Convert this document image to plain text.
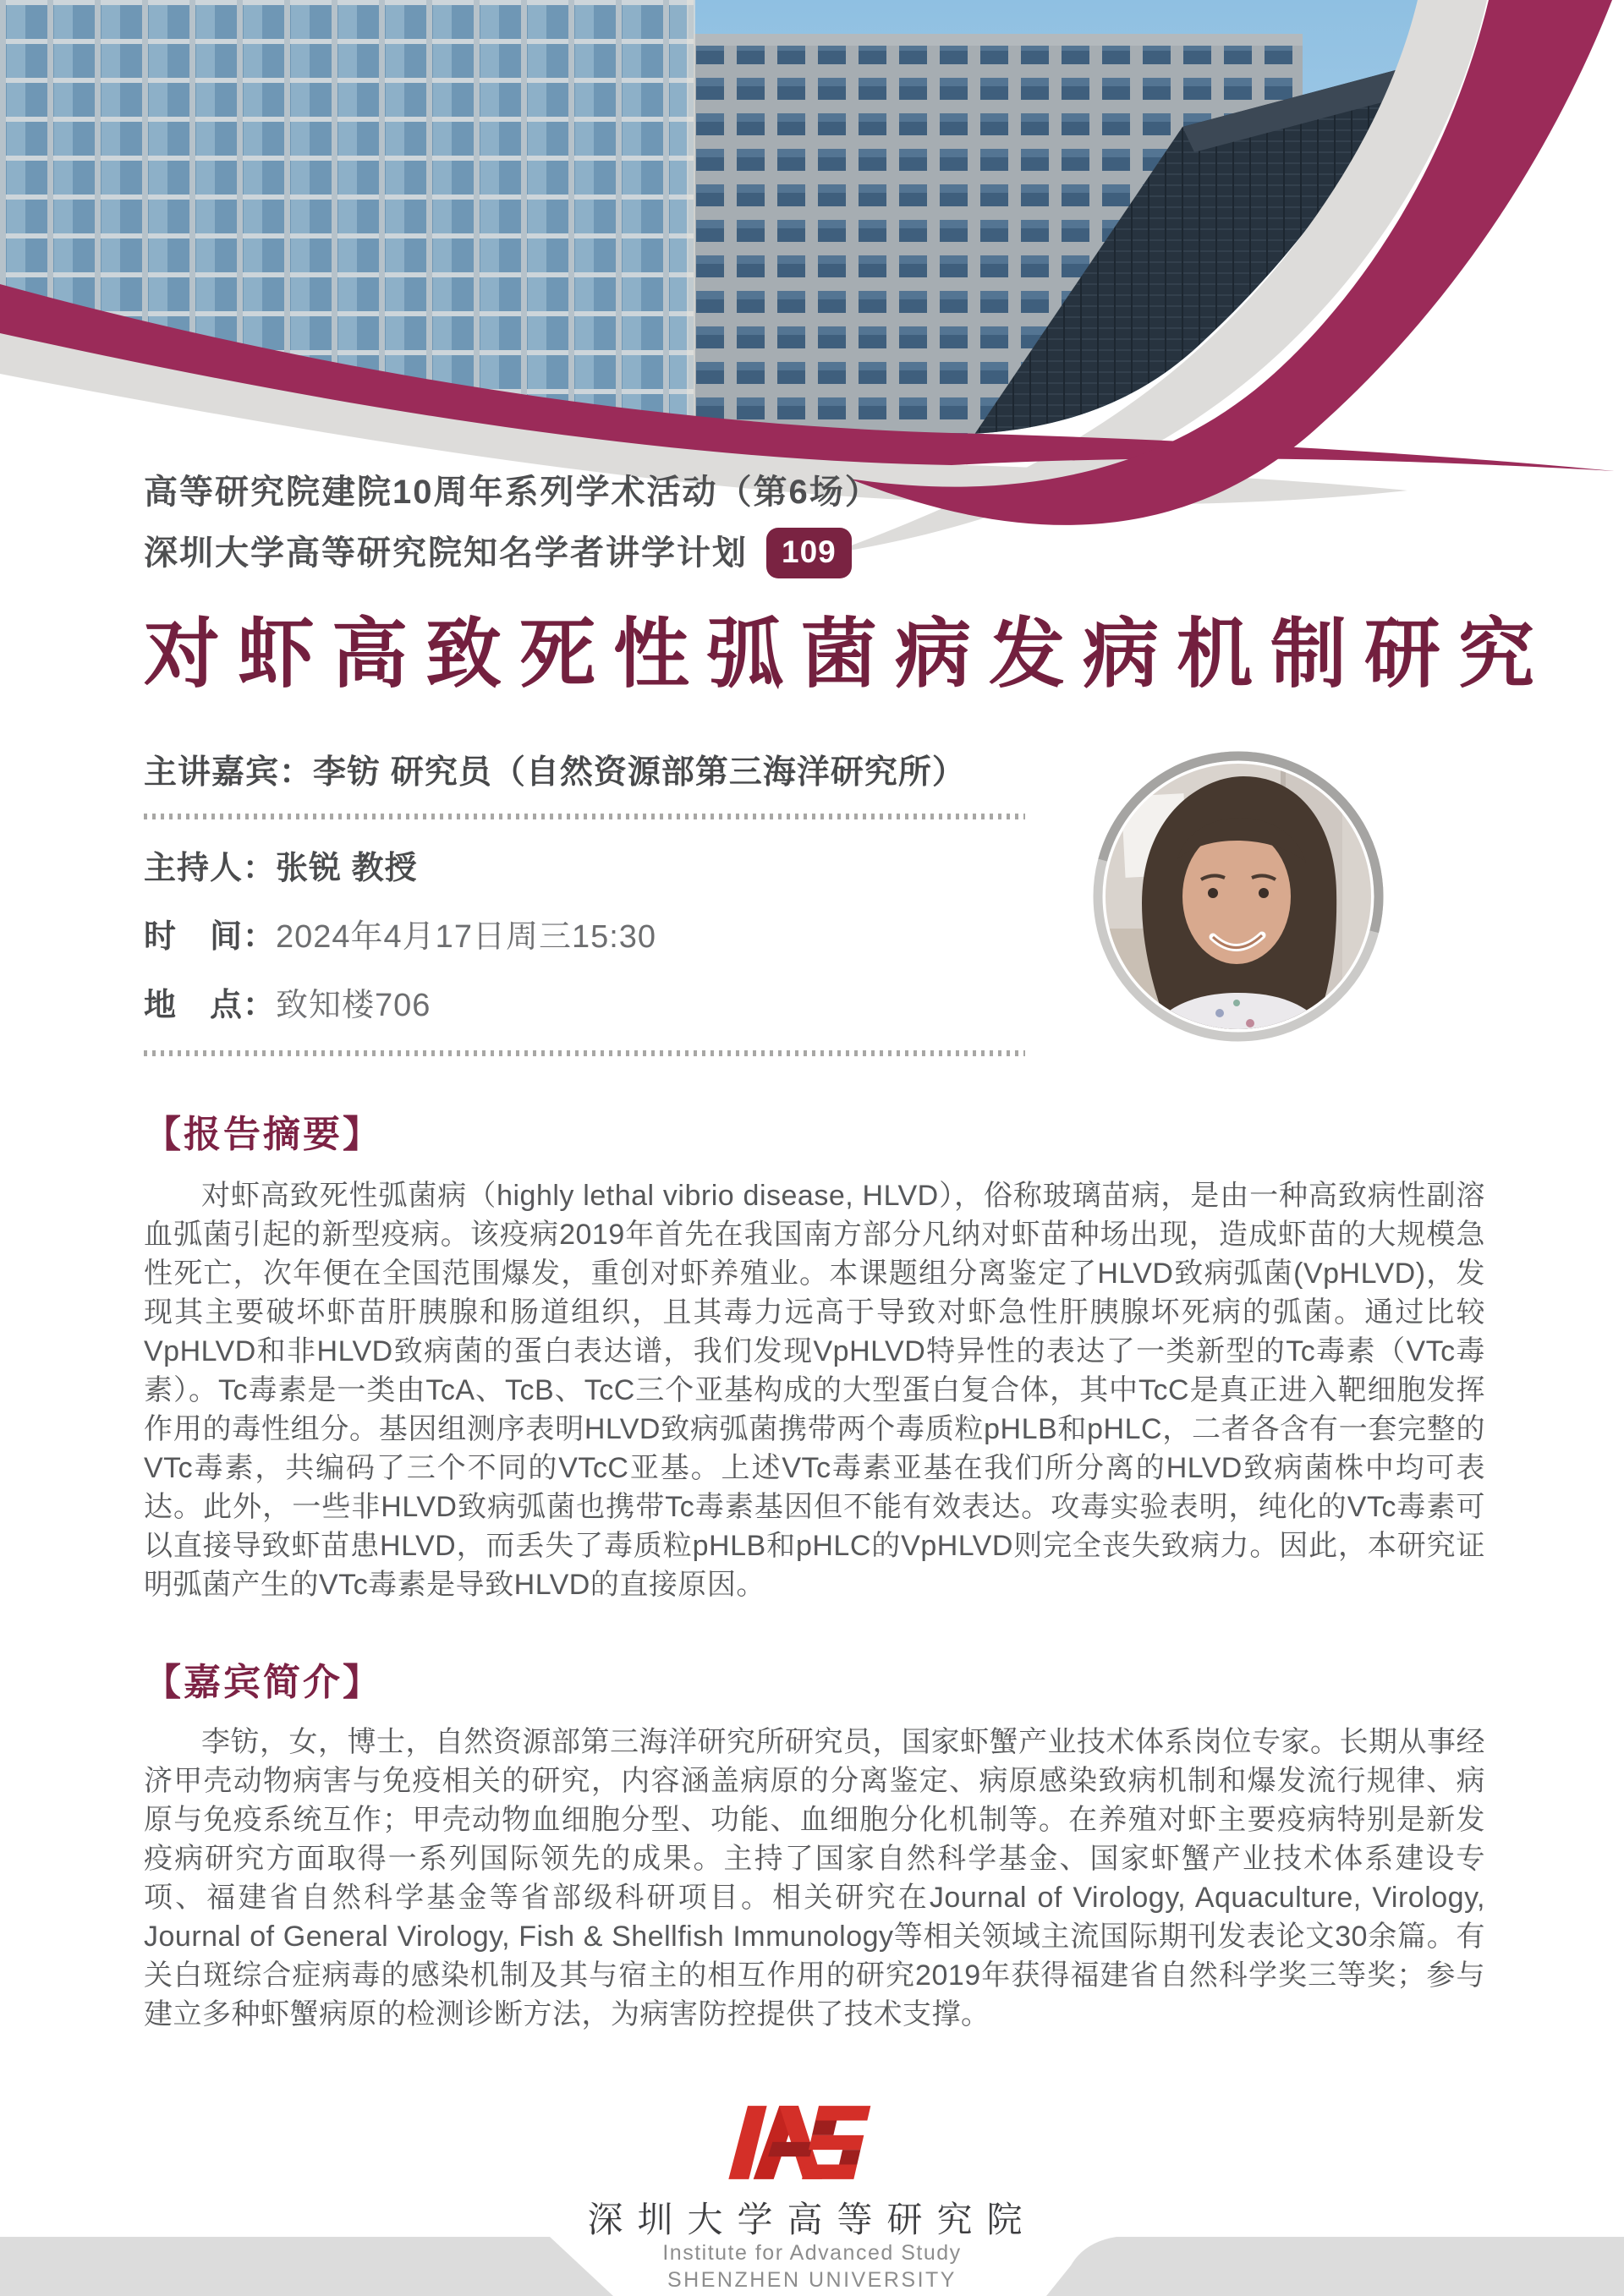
高等研究院建院10周年系列学术活动（第6场）
深圳大学高等研究院知名学者讲学计划	109
对虾高致死性弧菌病发病机制研究
主讲嘉宾：李钫 研究员（自然资源部第三海洋研究所）
主持人：张锐 教授
时　间：2024年4月17日周三15:30
地　点：致知楼706
【报告摘要】
对虾高致死性弧菌病（highly lethal vibrio disease, HLVD），俗称玻璃苗病，是由一种高致病性副溶血弧菌引起的新型疫病。该疫病2019年首先在我国南方部分凡纳对虾苗种场出现，造成虾苗的大规模急性死亡，次年便在全国范围爆发，重创对虾养殖业。本课题组分离鉴定了HLVD致病弧菌(VpHLVD)，发现其主要破坏虾苗肝胰腺和肠道组织，且其毒力远高于导致对虾急性肝胰腺坏死病的弧菌。通过比较VpHLVD和非HLVD致病菌的蛋白表达谱，我们发现VpHLVD特异性的表达了一类新型的Tc毒素（VTc毒素）。Tc毒素是一类由TcA、TcB、TcC三个亚基构成的大型蛋白复合体，其中TcC是真正进入靶细胞发挥作用的毒性组分。基因组测序表明HLVD致病弧菌携带两个毒质粒pHLB和pHLC，二者各含有一套完整的VTc毒素，共编码了三个不同的VTcC亚基。上述VTc毒素亚基在我们所分离的HLVD致病菌株中均可表达。此外，一些非HLVD致病弧菌也携带Tc毒素基因但不能有效表达。攻毒实验表明，纯化的VTc毒素可以直接导致虾苗患HLVD，而丢失了毒质粒pHLB和pHLC的VpHLVD则完全丧失致病力。因此，本研究证明弧菌产生的VTc毒素是导致HLVD的直接原因。
【嘉宾简介】
李钫，女，博士，自然资源部第三海洋研究所研究员，国家虾蟹产业技术体系岗位专家。长期从事经济甲壳动物病害与免疫相关的研究，内容涵盖病原的分离鉴定、病原感染致病机制和爆发流行规律、病原与免疫系统互作；甲壳动物血细胞分型、功能、血细胞分化机制等。在养殖对虾主要疫病特别是新发疫病研究方面取得一系列国际领先的成果。主持了国家自然科学基金、国家虾蟹产业技术体系建设专项、福建省自然科学基金等省部级科研项目。相关研究在Journal of Virology, Aquaculture, Virology, Journal of General Virology, Fish & Shellfish Immunology等相关领域主流国际期刊发表论文30余篇。有关白斑综合症病毒的感染机制及其与宿主的相互作用的研究2019年获得福建省自然科学奖三等奖；参与建立多种虾蟹病原的检测诊断方法，为病害防控提供了技术支撑。
深圳大学高等研究院
Institute for Advanced Study
SHENZHEN UNIVERSITY
